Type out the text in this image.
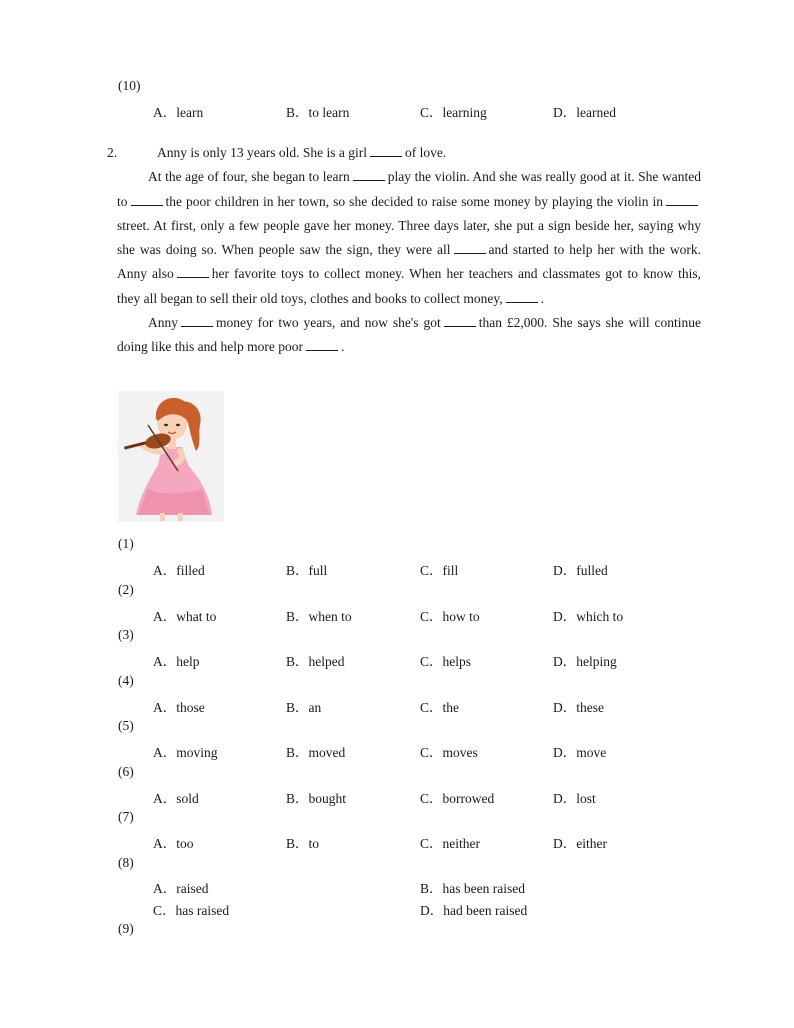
(10)
A．learn	B．to learn	C．learning	D．learned
2.	Anny is only 13 years old. She is a girl	of love.

At the age of four, she began to learn	play the violin. And she was really good at it. She wanted to	the poor children in her town, so she decided to raise some money by playing the violin instreet. At first, only a few people gave her money. Three days later, she put a sign beside her, saying why she was doing so. When people saw the sign, they were all	and started to help her with the work. Anny also	her favorite toys to collect money. When her teachers and classmates got to know this, they all began to sell their old toys, clothes and books to collect money,	.

Anny	money for two years, and now she's got	than £2,000. She says she will continue doing like this and help more poor	.

(1)
A．filled	B．full	C．fill	D．fulled
(2)
A．what to	B．when to	C．how to	D．which to
(3)
A．help	B．helped	C．helps	D．helping
(4)
A．those	B．an	C．the	D．these
(5)
A．moving	B．moved	C．moves	D．move
(6)
A．sold	B．bought	C．borrowed	D．lost
(7)
A．too	B．to	C．neither	D．either
(8)
A．raised	B．has been raised
C．has raised	D．had been raised
(9)
